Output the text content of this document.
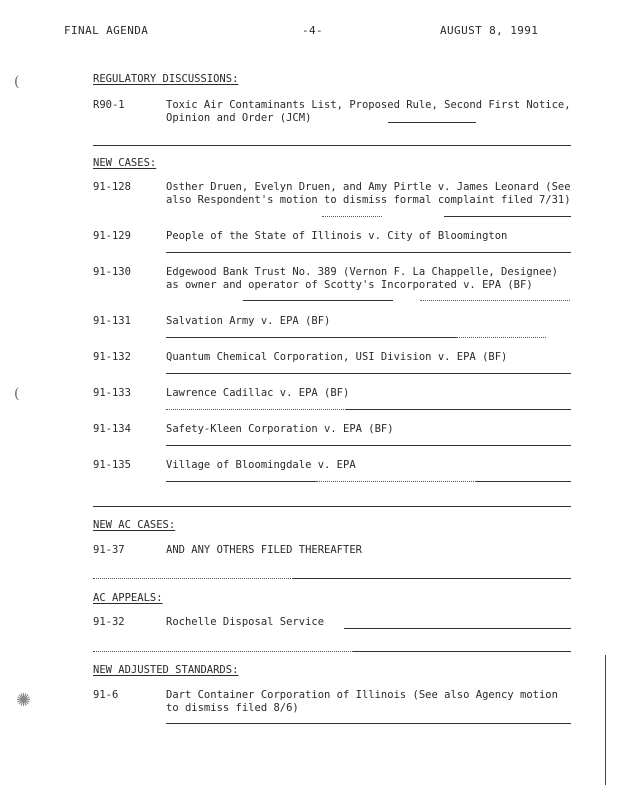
FINAL AGENDA	-4-	AUGUST 8, 1991
(
(
✺
REGULATORY DISCUSSIONS:
R90-1	Toxic Air Contaminants List, Proposed Rule, Second First Notice, Opinion and Order (JCM)
NEW CASES:
91-128	Osther Druen, Evelyn Druen, and Amy Pirtle v. James Leonard (See also Respondent's motion to dismiss formal complaint filed 7/31)
91-129	People of the State of Illinois v. City of Bloomington
91-130	Edgewood Bank Trust No. 389 (Vernon F. La Chappelle, Designee) as owner and operator of Scotty's Incorporated v. EPA (BF)
91-131	Salvation Army v. EPA (BF)
91-132	Quantum Chemical Corporation, USI Division v. EPA (BF)
91-133	Lawrence Cadillac v. EPA (BF)
91-134	Safety-Kleen Corporation v. EPA (BF)
91-135	Village of Bloomingdale v. EPA
NEW AC CASES:
91-37	AND ANY OTHERS FILED THEREAFTER
AC APPEALS:
91-32	Rochelle Disposal Service
NEW ADJUSTED STANDARDS:
91-6	Dart Container Corporation of Illinois (See also Agency motion to dismiss filed 8/6)
